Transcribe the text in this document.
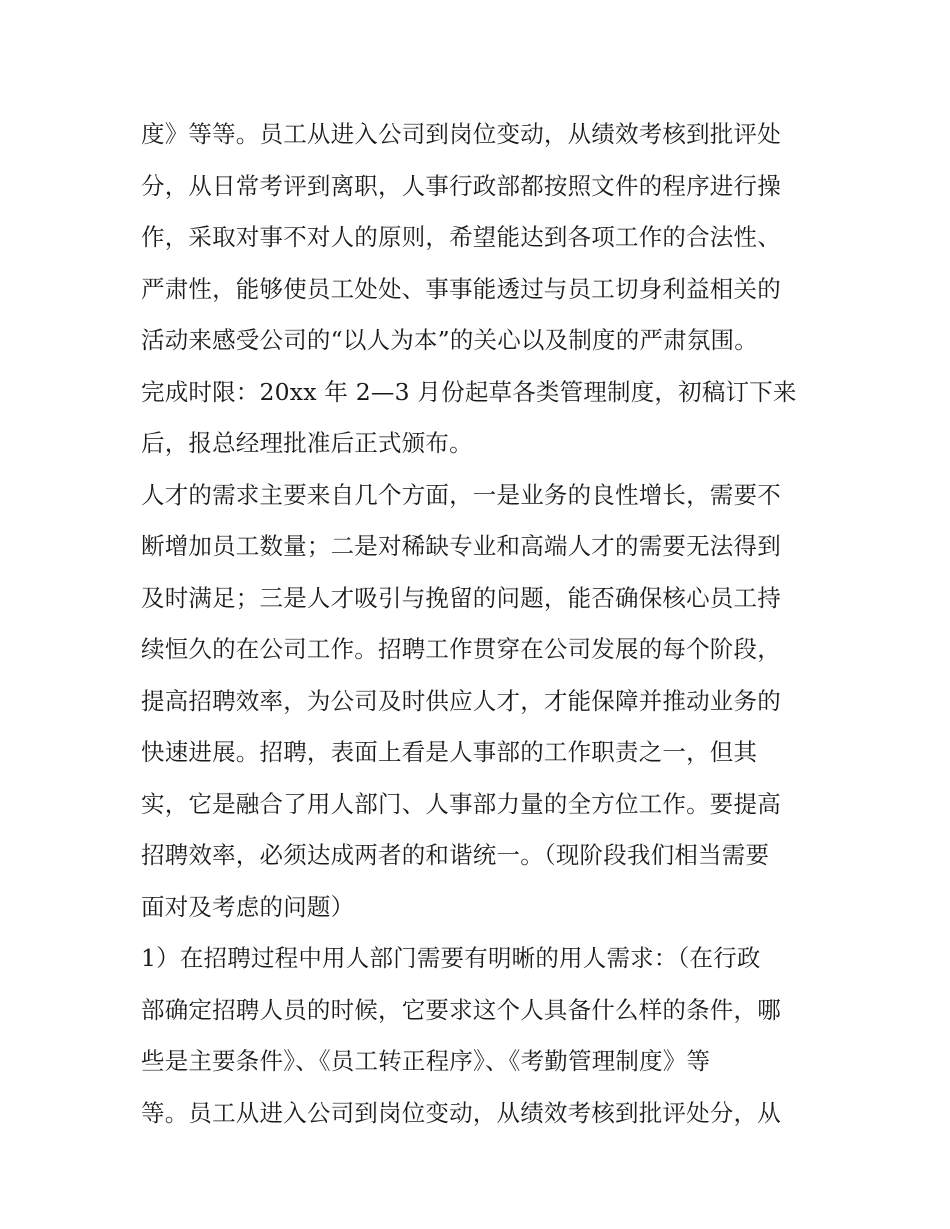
度》等等。员工从进入公司到岗位变动，从绩效考核到批评处
分，从日常考评到离职，人事行政部都按照文件的程序进行操
作，采取对事不对人的原则，希望能达到各项工作的合法性、
严肃性，能够使员工处处、事事能透过与员工切身利益相关的
活动来感受公司的“以人为本”的关心以及制度的严肃氛围。
完成时限：20xx 年 2—3 月份起草各类管理制度，初稿订下来
后，报总经理批准后正式颁布。
人才的需求主要来自几个方面，一是业务的良性增长，需要不
断增加员工数量；二是对稀缺专业和高端人才的需要无法得到
及时满足；三是人才吸引与挽留的问题，能否确保核心员工持
续恒久的在公司工作。招聘工作贯穿在公司发展的每个阶段，
提高招聘效率，为公司及时供应人才，才能保障并推动业务的
快速进展。招聘，表面上看是人事部的工作职责之一，但其
实，它是融合了用人部门、人事部力量的全方位工作。要提高
招聘效率，必须达成两者的和谐统一。（现阶段我们相当需要
面对及考虑的问题）
1）在招聘过程中用人部门需要有明晰的用人需求：（在行政
部确定招聘人员的时候，它要求这个人具备什么样的条件，哪
些是主要条件》、《员工转正程序》、《考勤管理制度》等
等。员工从进入公司到岗位变动，从绩效考核到批评处分，从
